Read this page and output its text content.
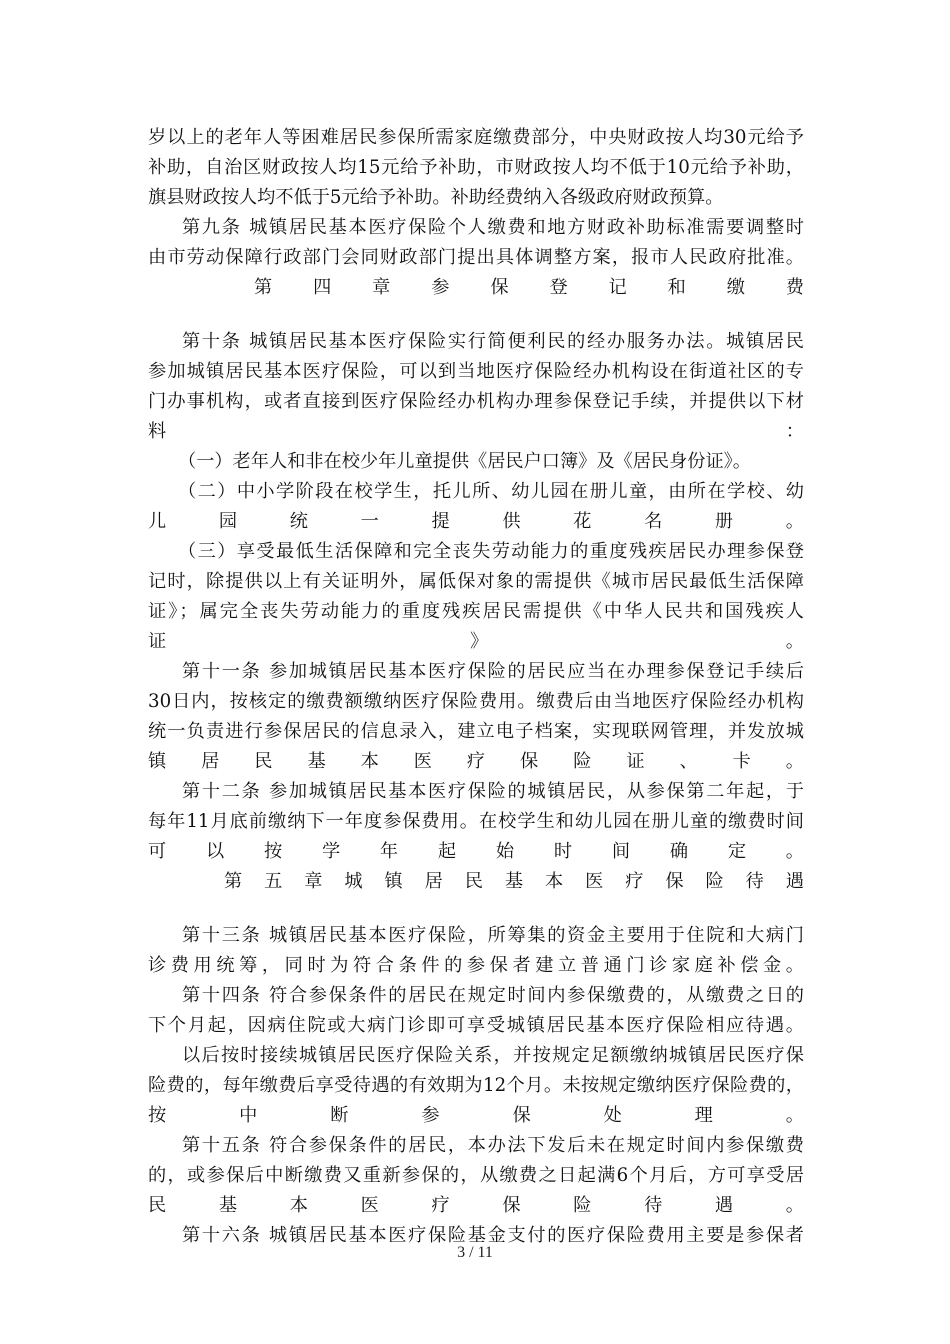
岁以上的老年人等困难居民参保所需家庭缴费部分，中央财政按人均30元给予
补助，自治区财政按人均15元给予补助，市财政按人均不低于10元给予补助，
旗县财政按人均不低于5元给予补助。补助经费纳入各级政府财政预算。
第九条 城镇居民基本医疗保险个人缴费和地方财政补助标准需要调整时
由市劳动保障行政部门会同财政部门提出具体调整方案，报市人民政府批准。
第 四 章 参 保 登 记 和 缴 费
第十条 城镇居民基本医疗保险实行简便利民的经办服务办法。城镇居民
参加城镇居民基本医疗保险，可以到当地医疗保险经办机构设在街道社区的专
门办事机构，或者直接到医疗保险经办机构办理参保登记手续，并提供以下材
料	：
（一）老年人和非在校少年儿童提供《居民户口簿》及《居民身份证》。
（二）中小学阶段在校学生，托儿所、幼儿园在册儿童，由所在学校、幼
儿 园 统 一 提 供 花 名 册 。
（三）享受最低生活保障和完全丧失劳动能力的重度残疾居民办理参保登
记时，除提供以上有关证明外，属低保对象的需提供《城市居民最低生活保障
证》；属完全丧失劳动能力的重度残疾居民需提供《中华人民共和国残疾人
证	》	。
第十一条 参加城镇居民基本医疗保险的居民应当在办理参保登记手续后
30日内，按核定的缴费额缴纳医疗保险费用。缴费后由当地医疗保险经办机构
统一负责进行参保居民的信息录入，建立电子档案，实现联网管理，并发放城
镇 居 民 基 本 医 疗 保 险 证 、 卡 。
第十二条 参加城镇居民基本医疗保险的城镇居民，从参保第二年起，于
每年11月底前缴纳下一年度参保费用。在校学生和幼儿园在册儿童的缴费时间
可 以 按 学 年 起 始 时 间 确 定 。
第 五 章 城 镇 居 民 基 本 医 疗 保 险 待 遇
第十三条 城镇居民基本医疗保险，所筹集的资金主要用于住院和大病门
诊费用统筹，同时为符合条件的参保者建立普通门诊家庭补偿金。
第十四条 符合参保条件的居民在规定时间内参保缴费的，从缴费之日的
下个月起，因病住院或大病门诊即可享受城镇居民基本医疗保险相应待遇。
以后按时接续城镇居民医疗保险关系，并按规定足额缴纳城镇居民医疗保
险费的，每年缴费后享受待遇的有效期为12个月。未按规定缴纳医疗保险费的，
按 中 断 参 保 处 理 。
第十五条 符合参保条件的居民，本办法下发后未在规定时间内参保缴费
的，或参保后中断缴费又重新参保的，从缴费之日起满6个月后，方可享受居
民 基 本 医 疗 保 险 待 遇 。
第十六条 城镇居民基本医疗保险基金支付的医疗保险费用主要是参保者
3 / 11
